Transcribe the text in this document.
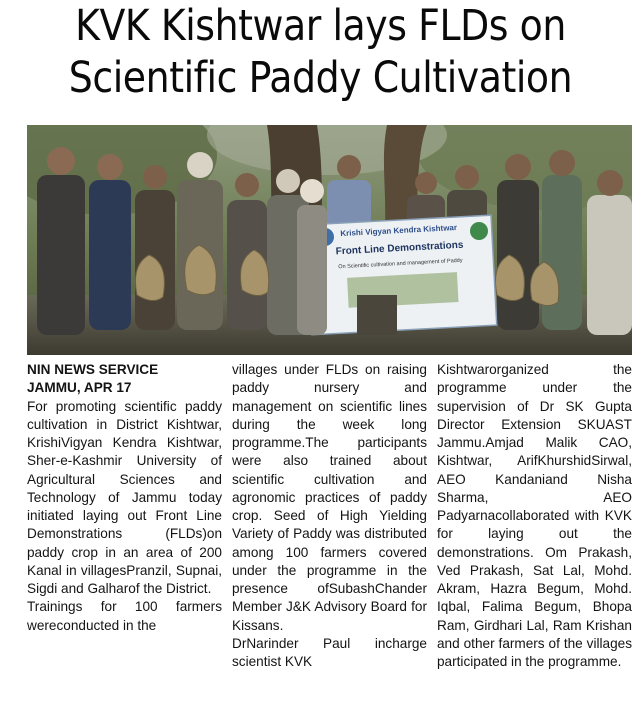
KVK Kishtwar lays FLDs on
Scientific Paddy Cultivation
Krishi Vigyan Kendra Kishtwar
Front Line Demonstrations
On Scientific cultivation and management of Paddy
NIN NEWS SERVICE
JAMMU, APR 17

For promoting scientific paddy cultivation in District Kishtwar, KrishiVigyan Kendra Kishtwar, Sher-e-Kashmir University of Agricultural Sciences and Technology of Jammu today initiated laying out Front Line Demonstrations (FLDs)on paddy crop in an area of 200 Kanal in villagesPranzil, Supnai, Sigdi and Galharof the District.

Trainings for 100 farmers wereconducted in the

villages under FLDs on raising paddy nursery and management on scientific lines during the week long programme.The participants were also trained about scientific cultivation and agronomic practices of paddy crop. Seed of High Yielding Variety of Paddy was distributed among 100 farmers covered under the programme in the presence ofSubashChander Member J&K Advisory Board for Kissans.

DrNarinder Paul incharge scientist KVK

Kishtwarorganized the programme under the supervision of Dr SK Gupta Director Extension SKUAST Jammu.Amjad Malik CAO, Kishtwar, ArifKhurshidSirwal, AEO Kandaniand Nisha Sharma, AEO Padyarnacollaborated with KVK for laying out the demonstrations. Om Prakash, Ved Prakash, Sat Lal, Mohd. Akram, Hazra Begum, Mohd. Iqbal, Falima Begum, Bhopa Ram, Girdhari Lal, Ram Krishan and other farmers of the villages participated in the programme.
